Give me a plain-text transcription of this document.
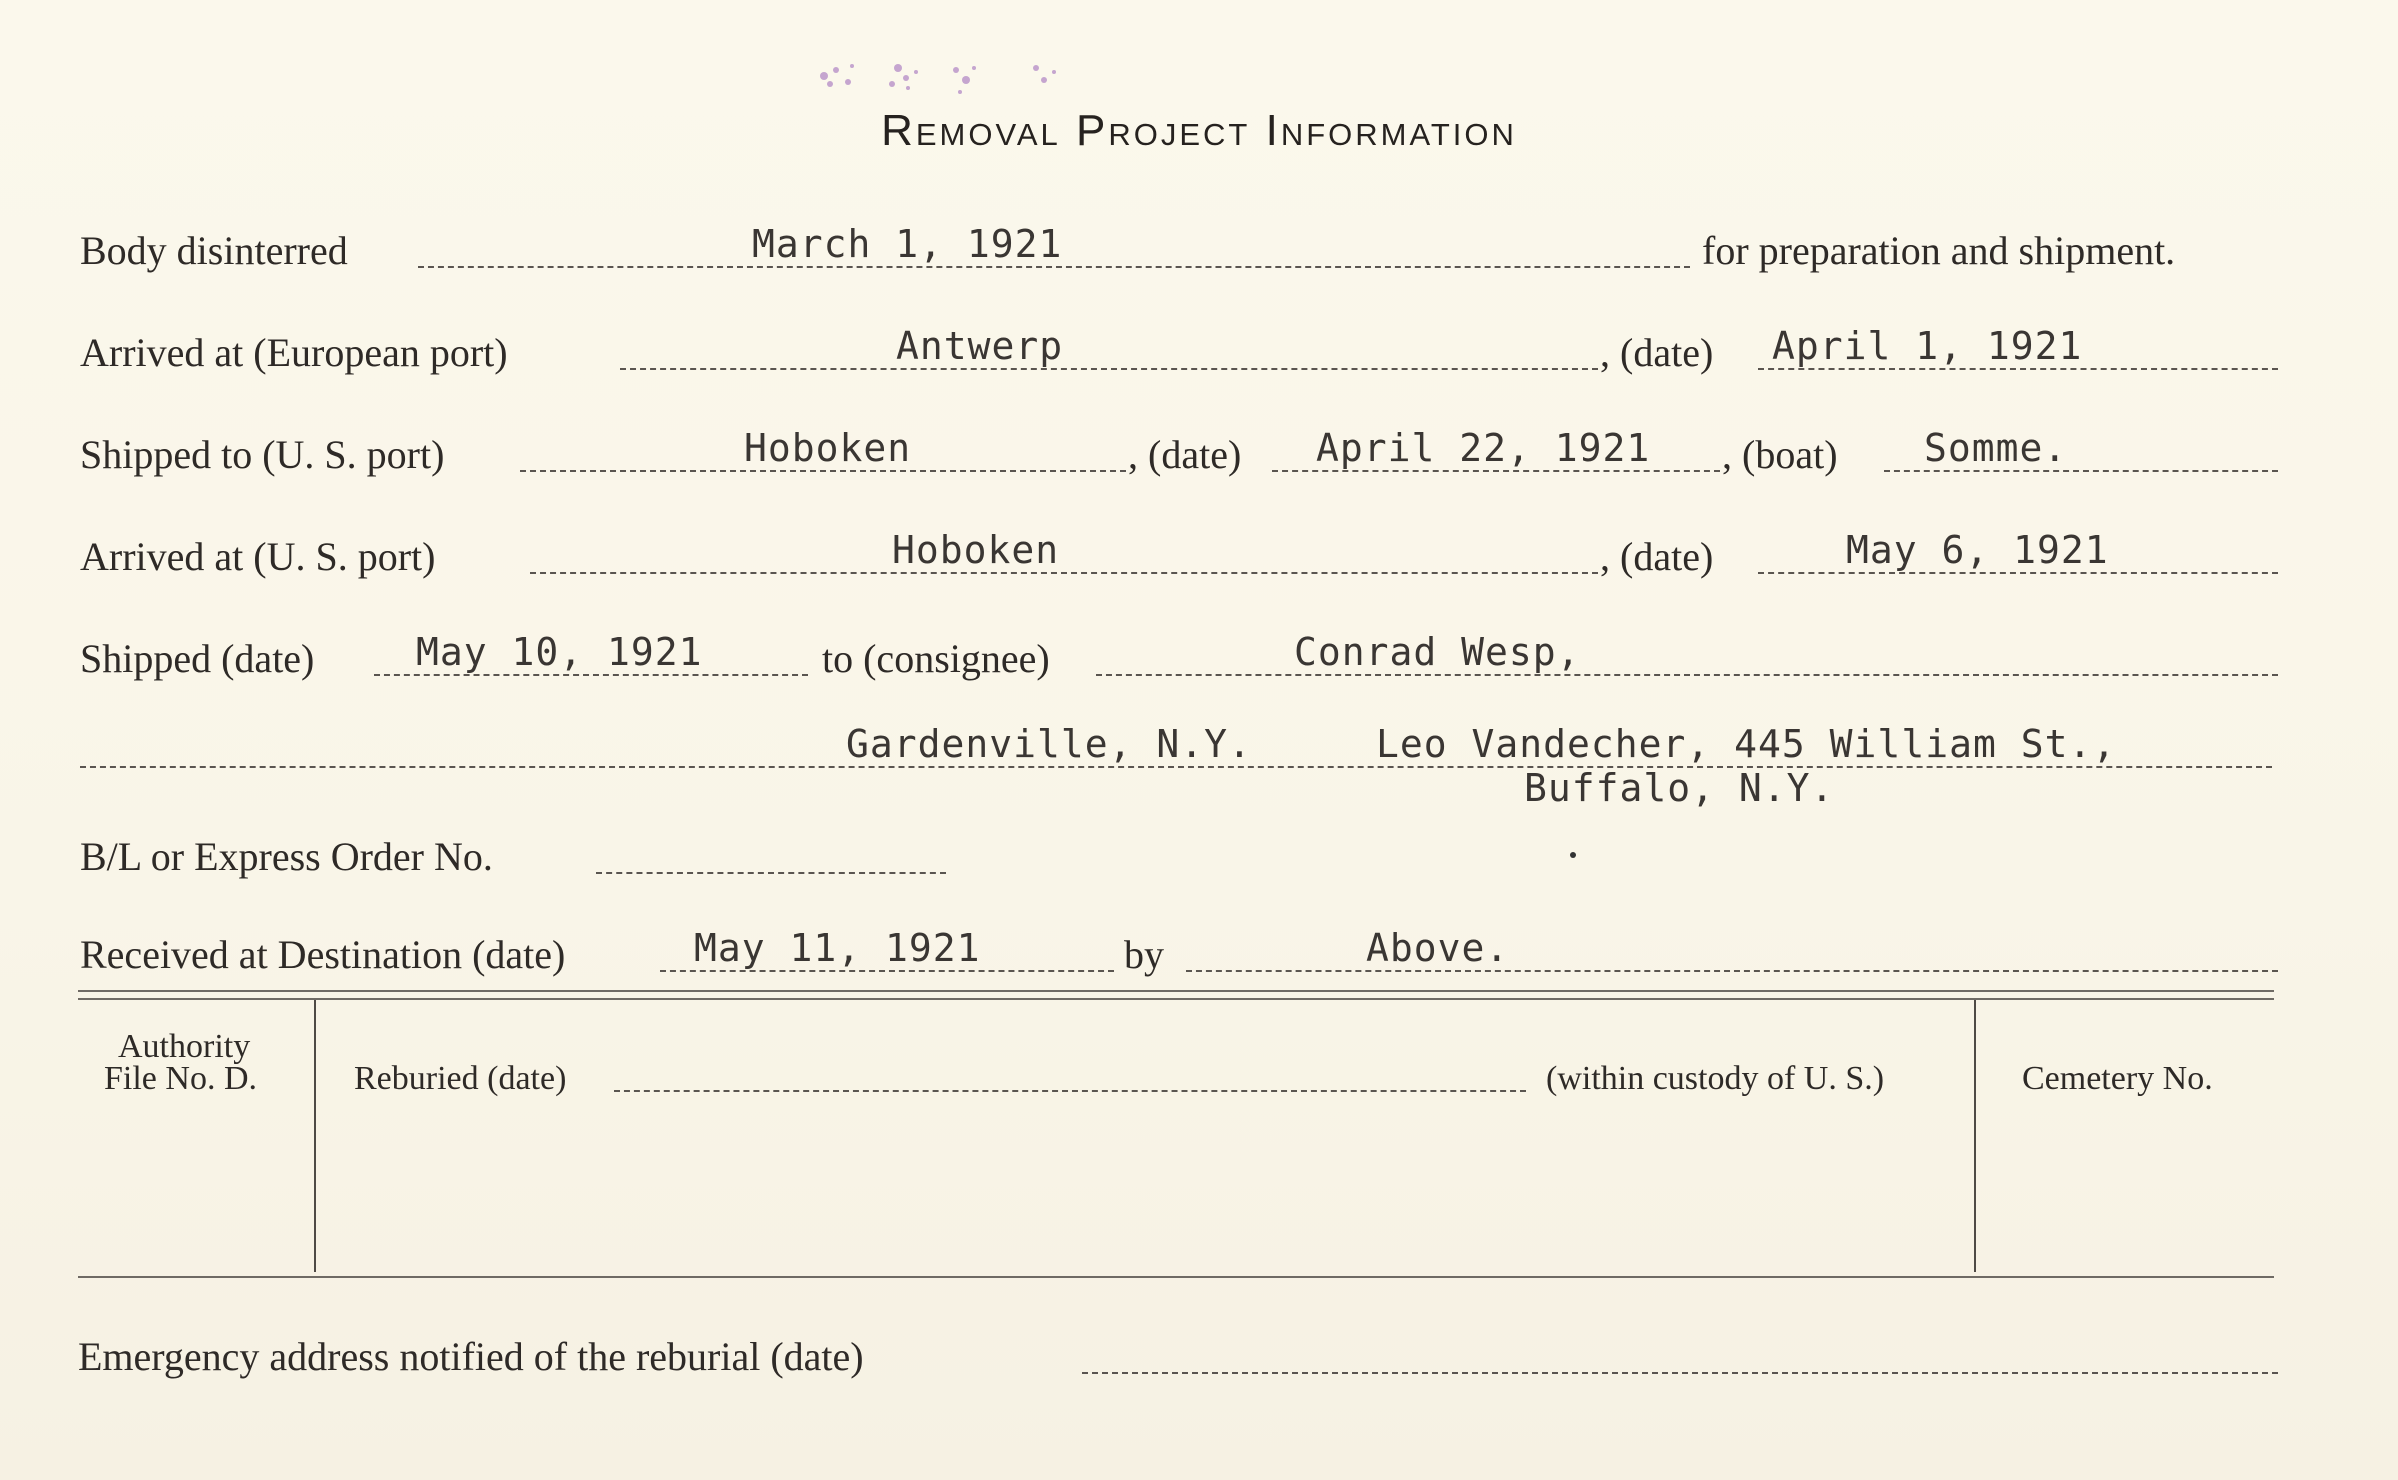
Removal Project Information
Body disinterred	March 1, 1921	for preparation and shipment.
Arrived at (European port)	Antwerp	, (date) April 1, 1921
Shipped to (U. S. port)	Hoboken	, (date) April 22, 1921 , (boat) Somme.
Arrived at (U. S. port)	Hoboken	, (date)	May 6, 1921
Shipped (date)	May 10, 1921	to (consignee)	Conrad Wesp,
Gardenville, N.Y.	Leo Vandecher, 445 William St.,
Buffalo, N.Y.
B/L or Express Order No.
Received at Destination (date)	May 11, 1921	by	Above.
Authority
File No. D.	Reburied (date)	(within custody of U. S.)	Cemetery No.
Emergency address notified of the reburial (date)
